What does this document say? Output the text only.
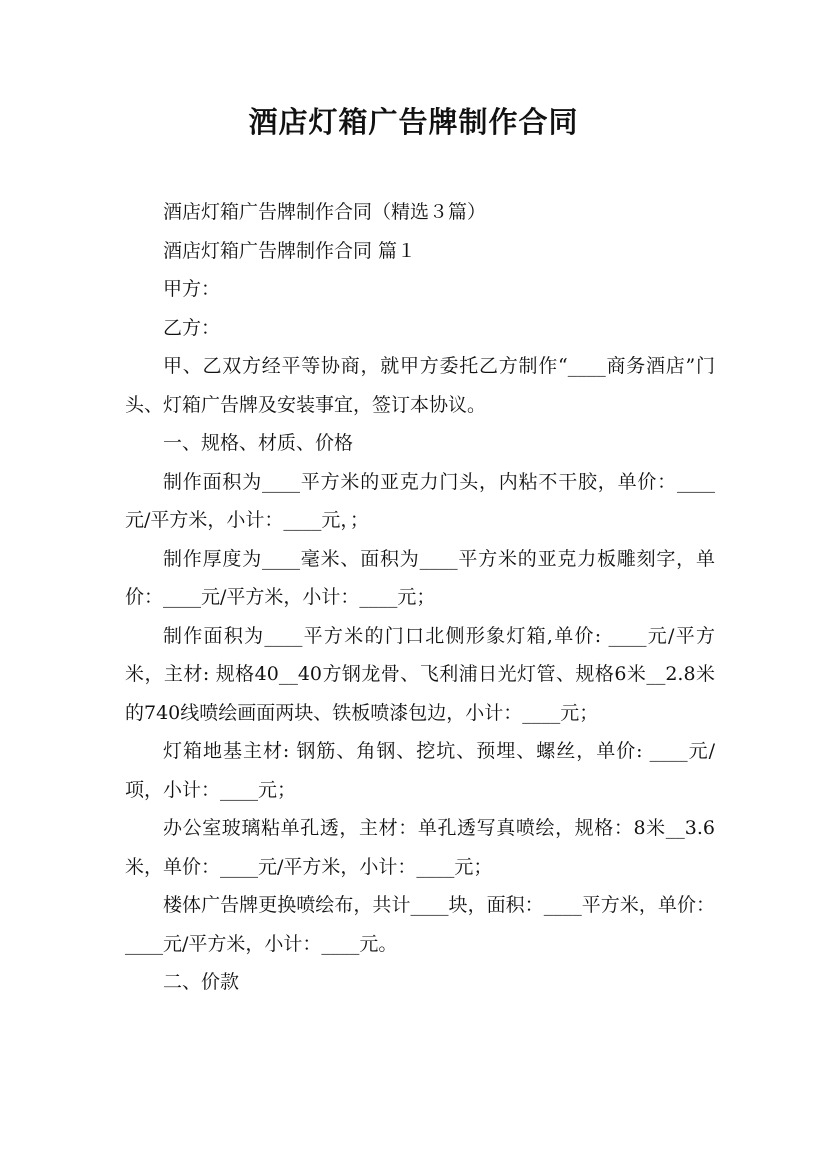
酒店灯箱广告牌制作合同

酒店灯箱广告牌制作合同（精选３篇）

酒店灯箱广告牌制作合同 篇１

甲方：

乙方：

甲、乙双方经平等协商，就甲方委托乙方制作“____商务酒店”门头、灯箱广告牌及安装事宜，签订本协议。

一、规格、材质、价格

制作面积为____平方米的亚克力门头，内粘不干胶，单价：____元/平方米，小计：____元，；

制作厚度为____毫米、面积为____平方米的亚克力板雕刻字，单价：____元/平方米，小计：____元；

制作面积为____平方米的门口北侧形象灯箱,单价: ____元/平方米，主材: 规格40__40方钢龙骨、飞利浦日光灯管、规格6米__2.8米的740线喷绘画面两块、铁板喷漆包边，小计：____元；

灯箱地基主材: 钢筋、角钢、挖坑、预埋、螺丝，单价: ____元/项，小计：____元；

办公室玻璃粘单孔透，主材：单孔透写真喷绘，规格：8米__3.6米，单价：____元/平方米，小计：____元；

楼体广告牌更换喷绘布，共计____块，面积：____平方米，单价：____元/平方米，小计：____元。

二、价款
